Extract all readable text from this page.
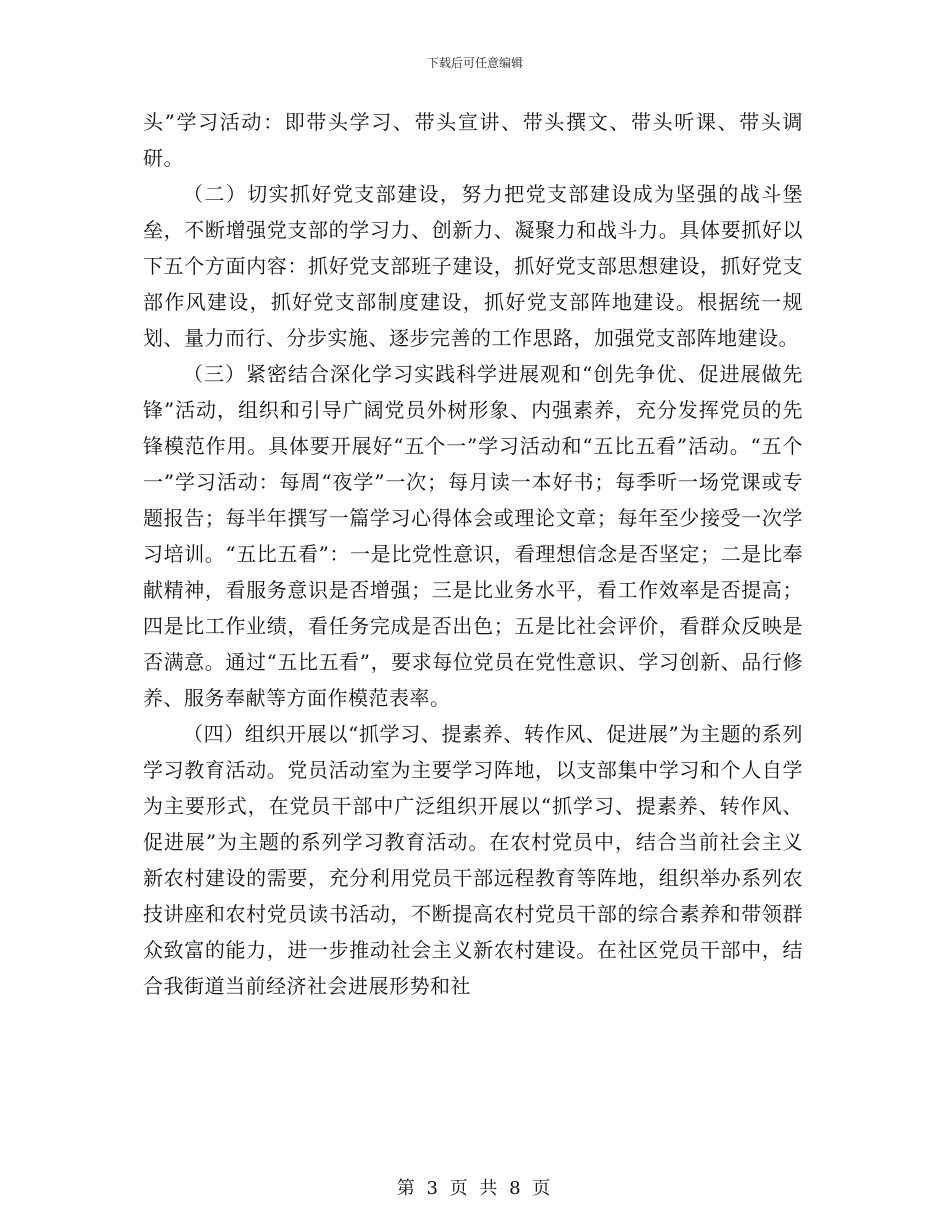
下载后可任意编辑

头”学习活动：即带头学习、带头宣讲、带头撰文、带头听课、带头调研。

（二）切实抓好党支部建设，努力把党支部建设成为坚强的战斗堡垒，不断增强党支部的学习力、创新力、凝聚力和战斗力。具体要抓好以下五个方面内容：抓好党支部班子建设，抓好党支部思想建设，抓好党支部作风建设，抓好党支部制度建设，抓好党支部阵地建设。根据统一规划、量力而行、分步实施、逐步完善的工作思路，加强党支部阵地建设。

（三）紧密结合深化学习实践科学进展观和“创先争优、促进展做先锋”活动，组织和引导广阔党员外树形象、内强素养，充分发挥党员的先锋模范作用。具体要开展好“五个一”学习活动和“五比五看”活动。“五个一”学习活动：每周“夜学”一次；每月读一本好书；每季听一场党课或专题报告；每半年撰写一篇学习心得体会或理论文章；每年至少接受一次学习培训。“五比五看”：一是比党性意识，看理想信念是否坚定；二是比奉献精神，看服务意识是否增强；三是比业务水平，看工作效率是否提高；四是比工作业绩，看任务完成是否出色；五是比社会评价，看群众反映是否满意。通过“五比五看”，要求每位党员在党性意识、学习创新、品行修养、服务奉献等方面作模范表率。

（四）组织开展以“抓学习、提素养、转作风、促进展”为主题的系列学习教育活动。党员活动室为主要学习阵地，以支部集中学习和个人自学为主要形式，在党员干部中广泛组织开展以“抓学习、提素养、转作风、促进展”为主题的系列学习教育活动。在农村党员中，结合当前社会主义新农村建设的需要，充分利用党员干部远程教育等阵地，组织举办系列农技讲座和农村党员读书活动，不断提高农村党员干部的综合素养和带领群众致富的能力，进一步推动社会主义新农村建设。在社区党员干部中，结合我街道当前经济社会进展形势和社

第 3 页 共 8 页
